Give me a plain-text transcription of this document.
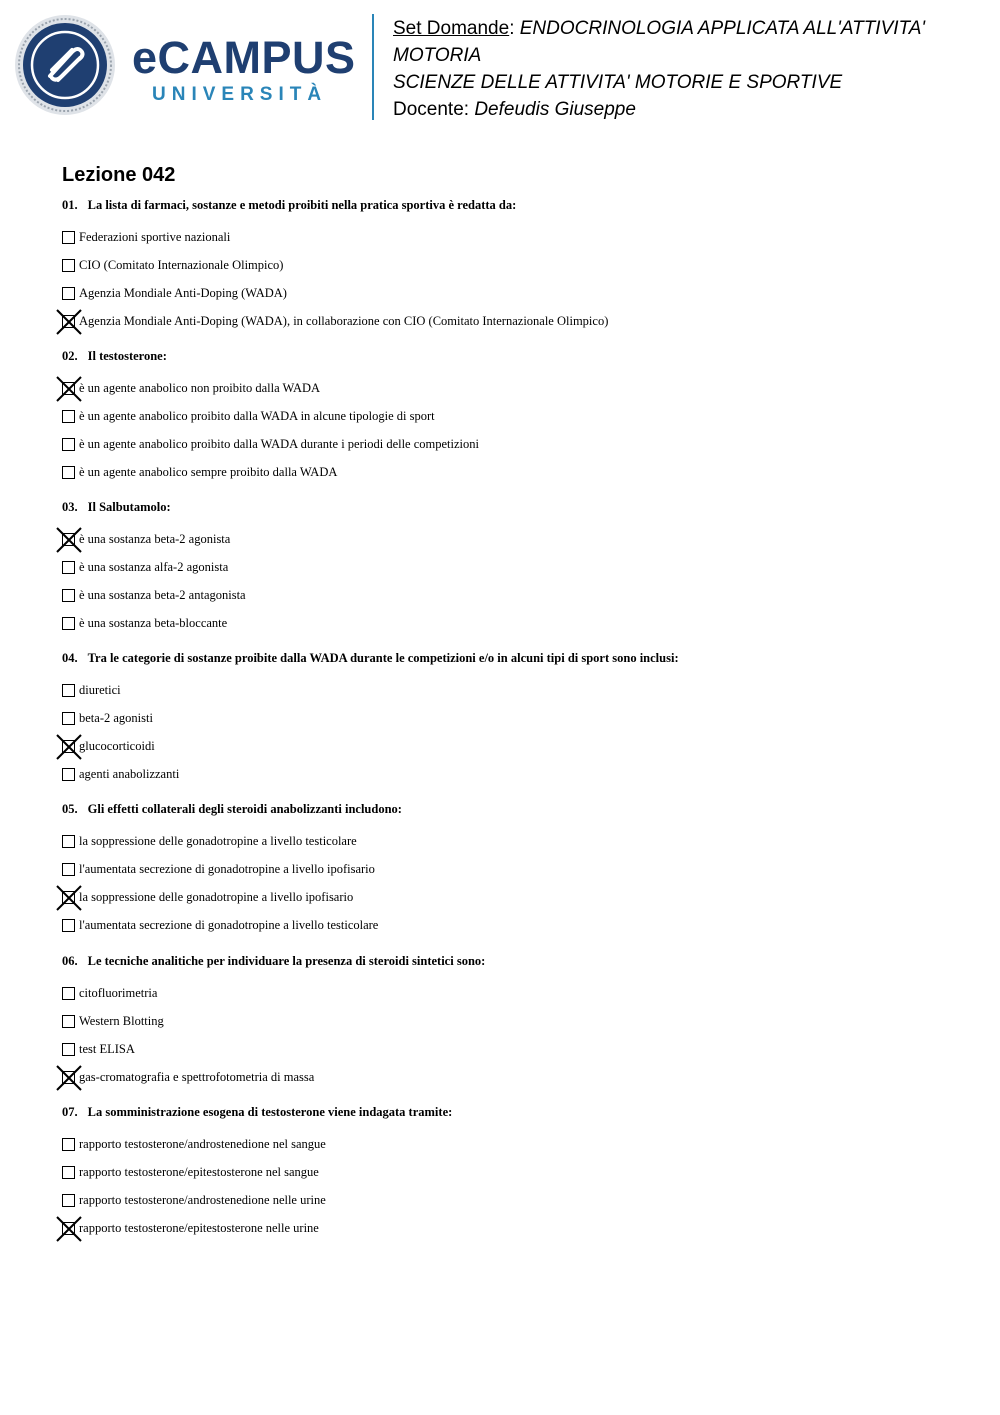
eCAMPUS
UNIVERSITÀ
Set Domande: ENDOCRINOLOGIA APPLICATA ALL'ATTIVITA' MOTORIA
SCIENZE DELLE ATTIVITA' MOTORIE E SPORTIVE
Docente: Defeudis Giuseppe
Lezione 042
01. La lista di farmaci, sostanze e metodi proibiti nella pratica sportiva è redatta da:
Federazioni sportive nazionali
CIO (Comitato Internazionale Olimpico)
Agenzia Mondiale Anti-Doping (WADA)
Agenzia Mondiale Anti-Doping (WADA), in collaborazione con CIO (Comitato Internazionale Olimpico)
02. Il testosterone:
è un agente anabolico non proibito dalla WADA
è un agente anabolico proibito dalla WADA in alcune tipologie di sport
è un agente anabolico proibito dalla WADA durante i periodi delle competizioni
è un agente anabolico sempre proibito dalla WADA
03. Il Salbutamolo:
è una sostanza beta-2 agonista
è una sostanza alfa-2 agonista
è una sostanza beta-2 antagonista
è una sostanza beta-bloccante
04. Tra le categorie di sostanze proibite dalla WADA durante le competizioni e/o in alcuni tipi di sport sono inclusi:
diuretici
beta-2 agonisti
glucocorticoidi
agenti anabolizzanti
05. Gli effetti collaterali degli steroidi anabolizzanti includono:
la soppressione delle gonadotropine a livello testicolare
l'aumentata secrezione di gonadotropine a livello ipofisario
la soppressione delle gonadotropine a livello ipofisario
l'aumentata secrezione di gonadotropine a livello testicolare
06. Le tecniche analitiche per individuare la presenza di steroidi sintetici sono:
citofluorimetria
Western Blotting
test ELISA
gas-cromatografia e spettrofotometria di massa
07. La somministrazione esogena di testosterone viene indagata tramite:
rapporto testosterone/androstenedione nel sangue
rapporto testosterone/epitestosterone nel sangue
rapporto testosterone/androstenedione nelle urine
rapporto testosterone/epitestosterone nelle urine
